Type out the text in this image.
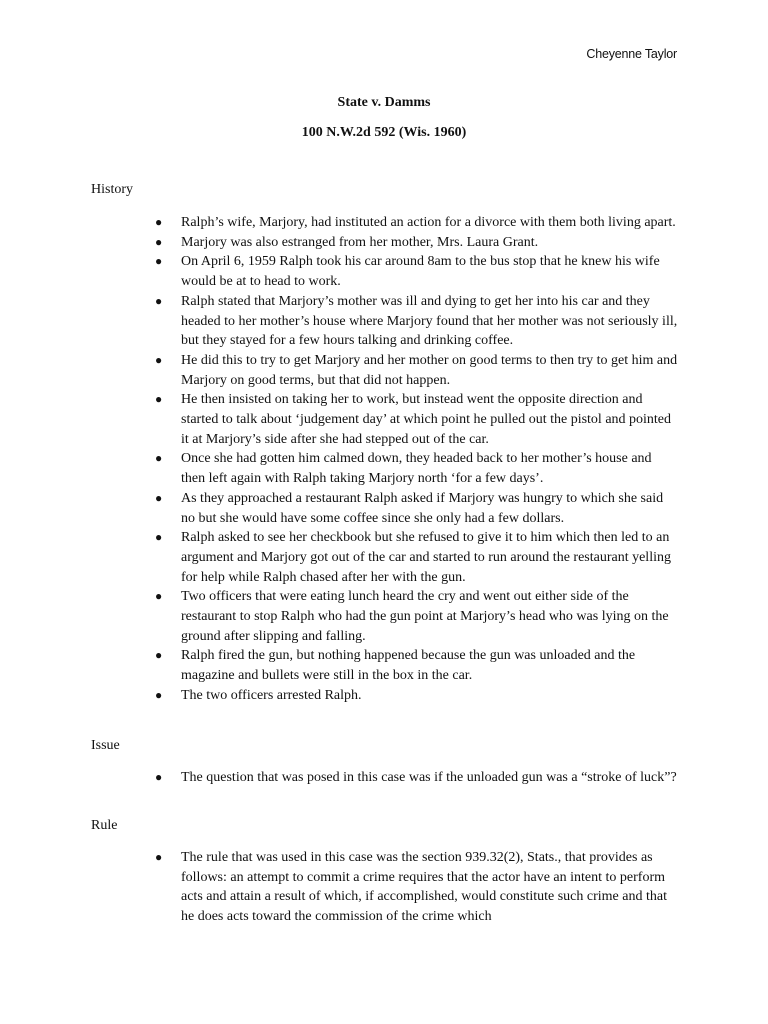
Cheyenne Taylor
State v. Damms
100 N.W.2d 592 (Wis. 1960)
History
● Ralph’s wife, Marjory, had instituted an action for a divorce with them both living apart.
● Marjory was also estranged from her mother, Mrs. Laura Grant.
● On April 6, 1959 Ralph took his car around 8am to the bus stop that he knew his wife would be at to head to work.
● Ralph stated that Marjory’s mother was ill and dying to get her into his car and they headed to her mother’s house where Marjory found that her mother was not seriously ill, but they stayed for a few hours talking and drinking coffee.
● He did this to try to get Marjory and her mother on good terms to then try to get him and Marjory on good terms, but that did not happen.
● He then insisted on taking her to work, but instead went the opposite direction and started to talk about ‘judgement day’ at which point he pulled out the pistol and pointed it at Marjory’s side after she had stepped out of the car.
● Once she had gotten him calmed down, they headed back to her mother’s house and then left again with Ralph taking Marjory north ‘for a few days’.
● As they approached a restaurant Ralph asked if Marjory was hungry to which she said no but she would have some coffee since she only had a few dollars.
● Ralph asked to see her checkbook but she refused to give it to him which then led to an argument and Marjory got out of the car and started to run around the restaurant yelling for help while Ralph chased after her with the gun.
● Two officers that were eating lunch heard the cry and went out either side of the restaurant to stop Ralph who had the gun point at Marjory’s head who was lying on the ground after slipping and falling.
● Ralph fired the gun, but nothing happened because the gun was unloaded and the magazine and bullets were still in the box in the car.
● The two officers arrested Ralph.
Issue
● The question that was posed in this case was if the unloaded gun was a “stroke of luck”?
Rule
● The rule that was used in this case was the section 939.32(2), Stats., that provides as follows: an attempt to commit a crime requires that the actor have an intent to perform acts and attain a result of which, if accomplished, would constitute such crime and that he does acts toward the commission of the crime which
